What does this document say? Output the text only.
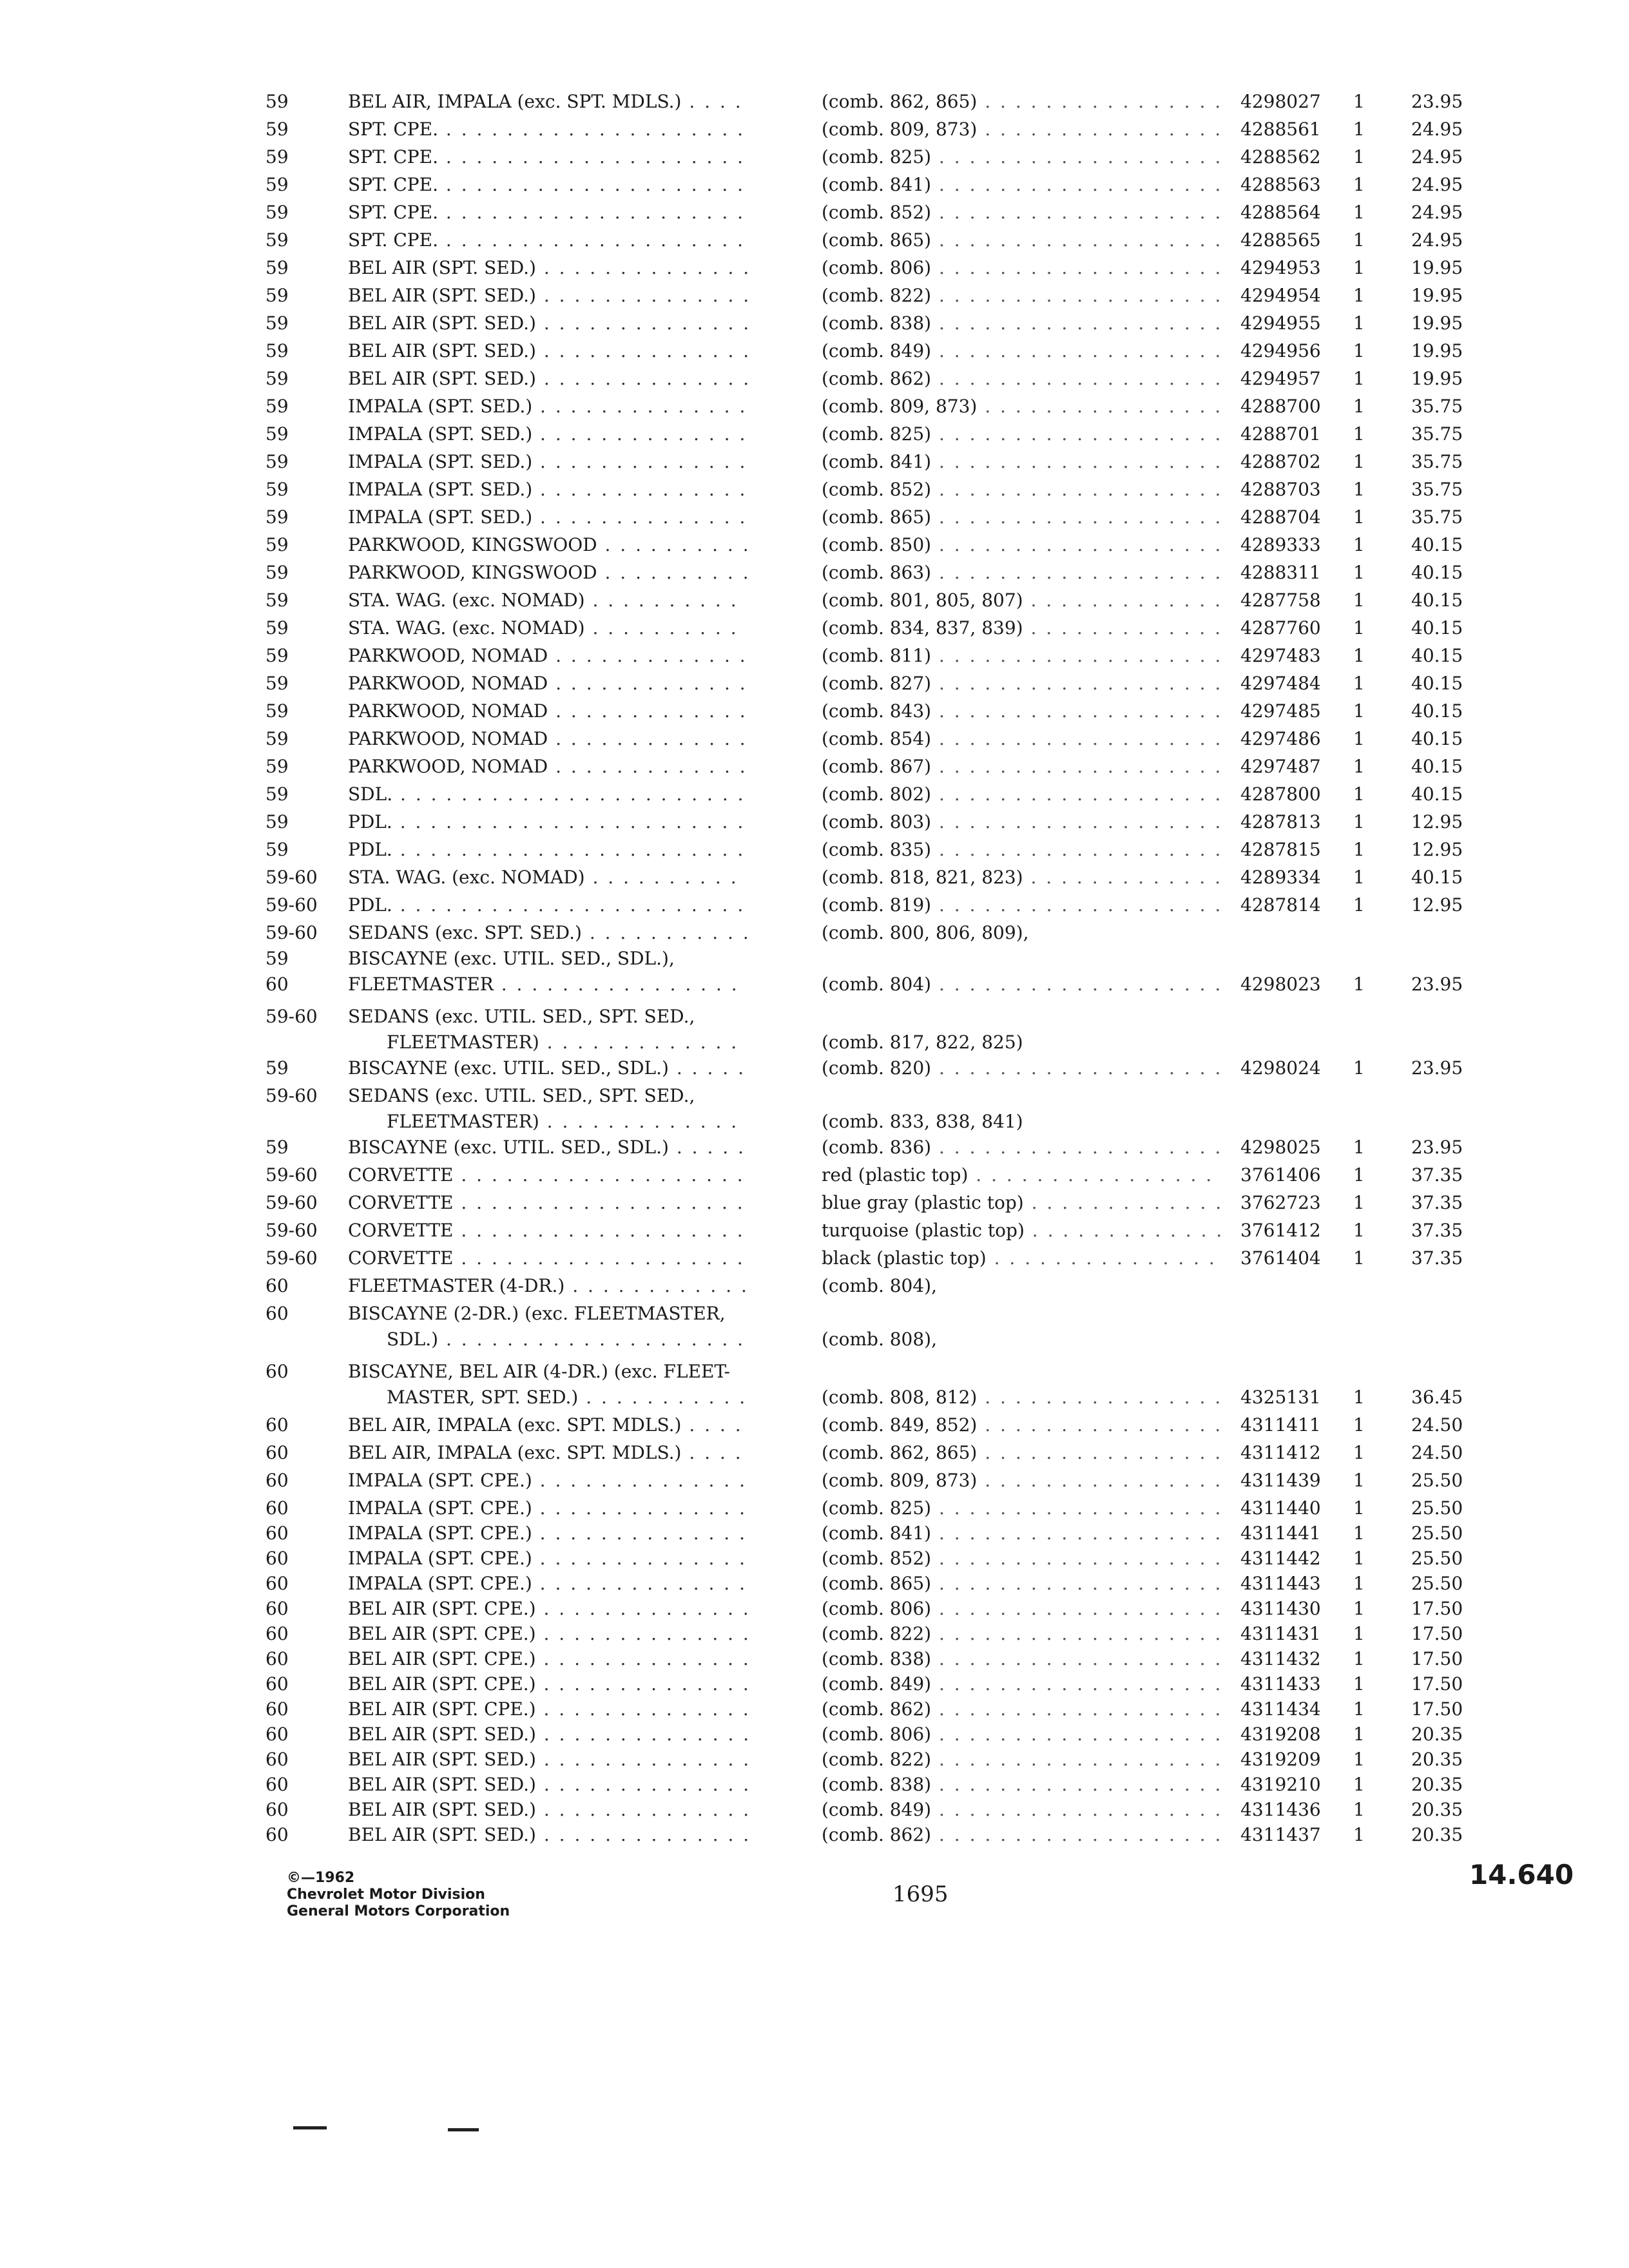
59	BEL AIR, IMPALA (exc. SPT. MDLS.) . . .	(comb. 862, 865) . . .	4298027 1	23.95
59	SPT. CPE. . . .	(comb. 809, 873) . . .	4288561 1	24.95
59	SPT. CPE. . . .	(comb. 825) . . .	4288562 1	24.95
59	SPT. CPE. . . .	(comb. 841) . . .	4288563 1	24.95
59	SPT. CPE. . . .	(comb. 852) . . .	4288564 1	24.95
59	SPT. CPE. . . .	(comb. 865) . . .	4288565 1	24.95
59	BEL AIR (SPT. SED.) . . .	(comb. 806) . . .	4294953 1	19.95
59	BEL AIR (SPT. SED.) . . .	(comb. 822) . . .	4294954 1	19.95
59	BEL AIR (SPT. SED.) . . .	(comb. 838) . . .	4294955 1	19.95
59	BEL AIR (SPT. SED.) . . .	(comb. 849) . . .	4294956 1	19.95
59	BEL AIR (SPT. SED.) . . .	(comb. 862) . . .	4294957 1	19.95
59	IMPALA (SPT. SED.) . . .	(comb. 809, 873) . . .	4288700 1	35.75
59	IMPALA (SPT. SED.) . . .	(comb. 825) . . .	4288701 1	35.75
59	IMPALA (SPT. SED.) . . .	(comb. 841) . . .	4288702 1	35.75
59	IMPALA (SPT. SED.) . . .	(comb. 852) . . .	4288703 1	35.75
59	IMPALA (SPT. SED.) . . .	(comb. 865) . . .	4288704 1	35.75
59	PARKWOOD, KINGSWOOD . . .	(comb. 850) . . .	4289333 1	40.15
59	PARKWOOD, KINGSWOOD . . .	(comb. 863) . . .	4288311 1	40.15
59	STA. WAG. (exc. NOMAD) . . .	(comb. 801, 805, 807) . . .	4287758 1	40.15
59	STA. WAG. (exc. NOMAD) . . .	(comb. 834, 837, 839) . . .	4287760 1	40.15
59	PARKWOOD, NOMAD . . .	(comb. 811) . . .	4297483 1	40.15
59	PARKWOOD, NOMAD . . .	(comb. 827) . . .	4297484 1	40.15
59	PARKWOOD, NOMAD . . .	(comb. 843) . . .	4297485 1	40.15
59	PARKWOOD, NOMAD . . .	(comb. 854) . . .	4297486 1	40.15
59	PARKWOOD, NOMAD . . .	(comb. 867) . . .	4297487 1	40.15
59	SDL. . . .	(comb. 802) . . .	4287800 1	40.15
59	PDL. . . .	(comb. 803) . . .	4287813 1	12.95
59	PDL. . . .	(comb. 835) . . .	4287815 1	12.95
59-60 STA. WAG. (exc. NOMAD) . . .	(comb. 818, 821, 823) . . .	4289334 1	40.15
59-60 PDL. . . .	(comb. 819) . . .	4287814 1	12.95
59-60 SEDANS (exc. SPT. SED.) . . .	(comb. 800, 806, 809),
59	BISCAYNE (exc. UTIL. SED., SDL.),
60	FLEETMASTER . . .	(comb. 804) . . .	4298023 1	23.95
59-60 SEDANS (exc. UTIL. SED., SPT. SED.,
FLEETMASTER) . . .	(comb. 817, 822, 825)
59	BISCAYNE (exc. UTIL. SED., SDL.) . . .	(comb. 820) . . .	4298024 1	23.95
59-60 SEDANS (exc. UTIL. SED., SPT. SED.,
FLEETMASTER) . . .	(comb. 833, 838, 841)
59	BISCAYNE (exc. UTIL. SED., SDL.) . . .	(comb. 836) . . .	4298025 1	23.95
59-60 CORVETTE . . .	red (plastic top) . . .	3761406 1	37.35
59-60 CORVETTE . . .	blue gray (plastic top) . . .	3762723 1	37.35
59-60 CORVETTE . . .	turquoise (plastic top) . . .	3761412 1	37.35
59-60 CORVETTE . . .	black (plastic top) . . .	3761404 1	37.35
60	FLEETMASTER (4-DR.) . . .	(comb. 804),
60	BISCAYNE (2-DR.) (exc. FLEETMASTER,
SDL.) . . .	(comb. 808),
60	BISCAYNE, BEL AIR (4-DR.) (exc. FLEET-
MASTER, SPT. SED.) . . .	(comb. 808, 812) . . .	4325131 1	36.45
60	BEL AIR, IMPALA (exc. SPT. MDLS.) . . .	(comb. 849, 852) . . .	4311411 1	24.50
60	BEL AIR, IMPALA (exc. SPT. MDLS.) . . .	(comb. 862, 865) . . .	4311412 1	24.50
60	IMPALA (SPT. CPE.) . . .	(comb. 809, 873) . . .	4311439 1	25.50
60	IMPALA (SPT. CPE.) . . .	(comb. 825) . . .	4311440 1	25.50
60	IMPALA (SPT. CPE.) . . .	(comb. 841) . . .	4311441 1	25.50
60	IMPALA (SPT. CPE.) . . .	(comb. 852) . . .	4311442 1	25.50
60	IMPALA (SPT. CPE.) . . .	(comb. 865) . . .	4311443 1	25.50
60	BEL AIR (SPT. CPE.) . . .	(comb. 806) . . .	4311430 1	17.50
60	BEL AIR (SPT. CPE.) . . .	(comb. 822) . . .	4311431 1	17.50
60	BEL AIR (SPT. CPE.) . . .	(comb. 838) . . .	4311432 1	17.50
60	BEL AIR (SPT. CPE.) . . .	(comb. 849) . . .	4311433 1	17.50
60	BEL AIR (SPT. CPE.) . . .	(comb. 862) . . .	4311434 1	17.50
60	BEL AIR (SPT. SED.) . . .	(comb. 806) . . .	4319208 1	20.35
60	BEL AIR (SPT. SED.) . . .	(comb. 822) . . .	4319209 1	20.35
60	BEL AIR (SPT. SED.) . . .	(comb. 838) . . .	4319210 1	20.35
60	BEL AIR (SPT. SED.) . . .	(comb. 849) . . .	4311436 1	20.35
60	BEL AIR (SPT. SED.) . . .	(comb. 862) . . .	4311437 1	20.35
©—1962
Chevrolet Motor Division
General Motors Corporation
1695
14.640
